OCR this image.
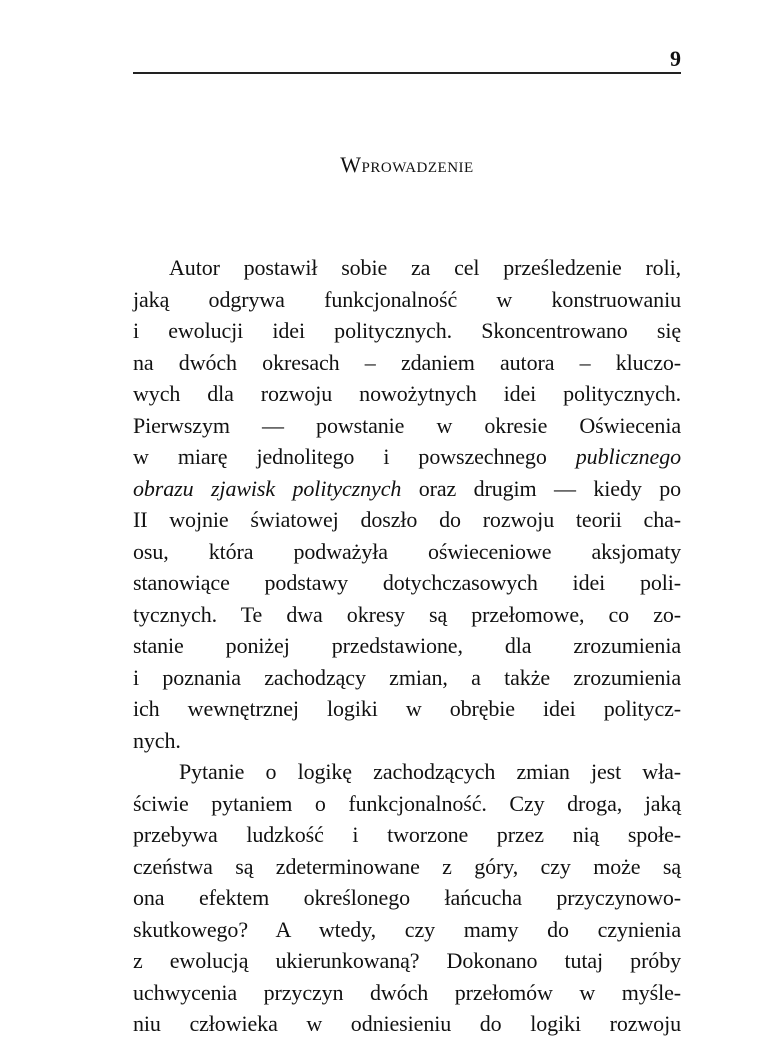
9
Wprowadzenie
Autor postawił sobie za cel prześledzenie roli,
jaką odgrywa funkcjonalność w konstruowaniu
i ewolucji idei politycznych. Skoncentrowano się
na dwóch okresach – zdaniem autora – kluczo-
wych dla rozwoju nowożytnych idei politycznych.
Pierwszym — powstanie w okresie Oświecenia
w miarę jednolitego i powszechnego publicznego
obrazu zjawisk politycznych oraz drugim — kiedy po
II wojnie światowej doszło do rozwoju teorii cha-
osu, która podważyła oświeceniowe aksjomaty
stanowiące podstawy dotychczasowych idei poli-
tycznych. Te dwa okresy są przełomowe, co zo-
stanie poniżej przedstawione, dla zrozumienia
i poznania zachodzący zmian, a także zrozumienia
ich wewnętrznej logiki w obrębie idei politycz-
nych.
Pytanie o logikę zachodzących zmian jest wła-
ściwie pytaniem o funkcjonalność. Czy droga, jaką
przebywa ludzkość i tworzone przez nią społe-
czeństwa są zdeterminowane z góry, czy może są
ona efektem określonego łańcucha przyczynowo-
skutkowego? A wtedy, czy mamy do czynienia
z ewolucją ukierunkowaną? Dokonano tutaj próby
uchwycenia przyczyn dwóch przełomów w myśle-
niu człowieka w odniesieniu do logiki rozwoju
